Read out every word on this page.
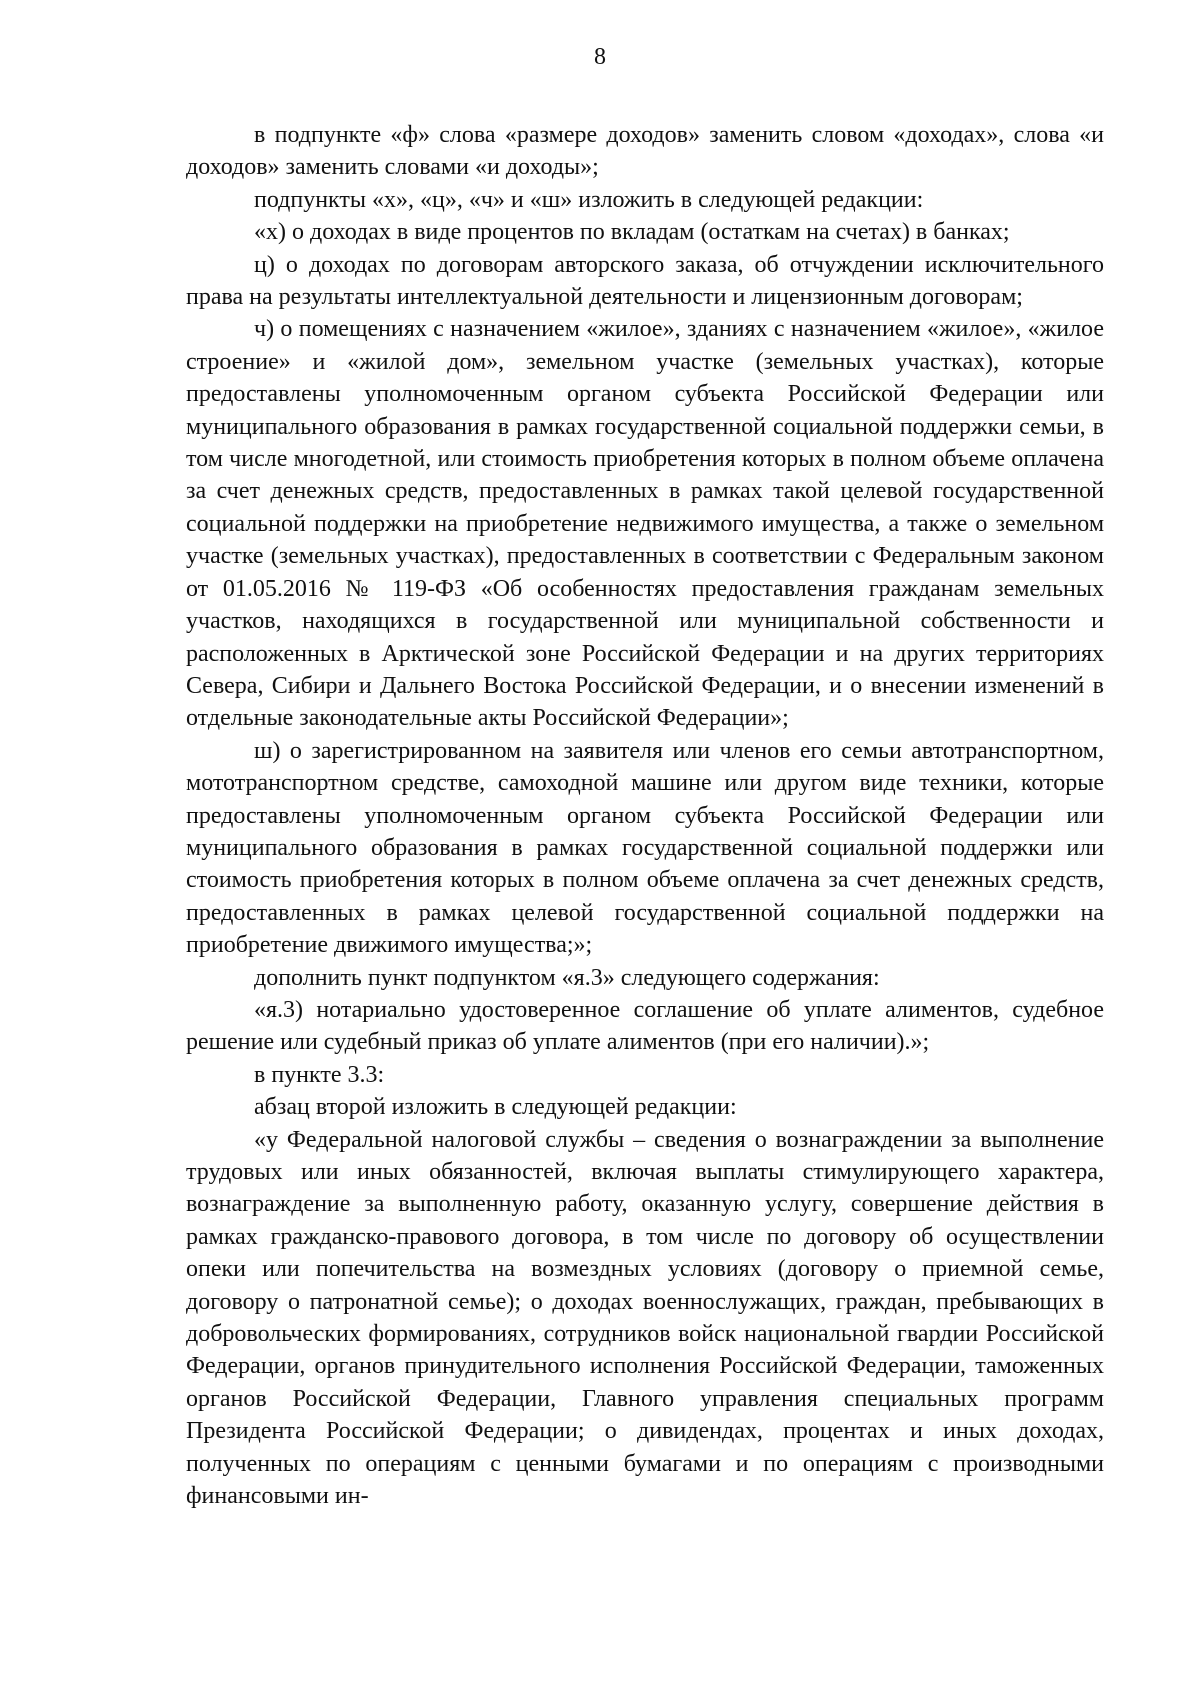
8

в подпункте «ф» слова «размере доходов» заменить словом «доходах», слова «и доходов» заменить словами «и доходы»;

подпункты «х», «ц», «ч» и «ш» изложить в следующей редакции:

«х) о доходах в виде процентов по вкладам (остаткам на счетах) в банках;

ц) о доходах по договорам авторского заказа, об отчуждении исключительного права на результаты интеллектуальной деятельности и лицензионным договорам;

ч) о помещениях с назначением «жилое», зданиях с назначением «жилое», «жилое строение» и «жилой дом», земельном участке (земельных участках), которые предоставлены уполномоченным органом субъекта Российской Федерации или муниципального образования в рамках государственной социальной поддержки семьи, в том числе многодетной, или стоимость приобретения которых в полном объеме оплачена за счет денежных средств, предоставленных в рамках такой целевой государственной социальной поддержки на приобретение недвижимого имущества, а также о земельном участке (земельных участках), предоставленных в соответствии с Федеральным законом от 01.05.2016 № 119-ФЗ «Об особенностях предоставления гражданам земельных участков, находящихся в государственной или муниципальной собственности и расположенных в Арктической зоне Российской Федерации и на других территориях Севера, Сибири и Дальнего Востока Российской Федерации, и о внесении изменений в отдельные законодательные акты Российской Федерации»;

ш) о зарегистрированном на заявителя или членов его семьи автотранспортном, мототранспортном средстве, самоходной машине или другом виде техники, которые предоставлены уполномоченным органом субъекта Российской Федерации или муниципального образования в рамках государственной социальной поддержки или стоимость приобретения которых в полном объеме оплачена за счет денежных средств, предоставленных в рамках целевой государственной социальной поддержки на приобретение движимого имущества;»;

дополнить пункт подпунктом «я.3» следующего содержания:

«я.3) нотариально удостоверенное соглашение об уплате алиментов, судебное решение или судебный приказ об уплате алиментов (при его наличии).»;

в пункте 3.3:

абзац второй изложить в следующей редакции:

«у Федеральной налоговой службы – сведения о вознаграждении за выполнение трудовых или иных обязанностей, включая выплаты стимулирующего характера, вознаграждение за выполненную работу, оказанную услугу, совершение действия в рамках гражданско-правового договора, в том числе по договору об осуществлении опеки или попечительства на возмездных условиях (договору о приемной семье, договору о патронатной семье); о доходах военнослужащих, граждан, пребывающих в добровольческих формированиях, сотрудников войск национальной гвардии Российской Федерации, органов принудительного исполнения Российской Федерации, таможенных органов Российской Федерации, Главного управления специальных программ Президента Российской Федерации; о дивидендах, процентах и иных доходах, полученных по операциям с ценными бумагами и по операциям с производными финансовыми ин-
